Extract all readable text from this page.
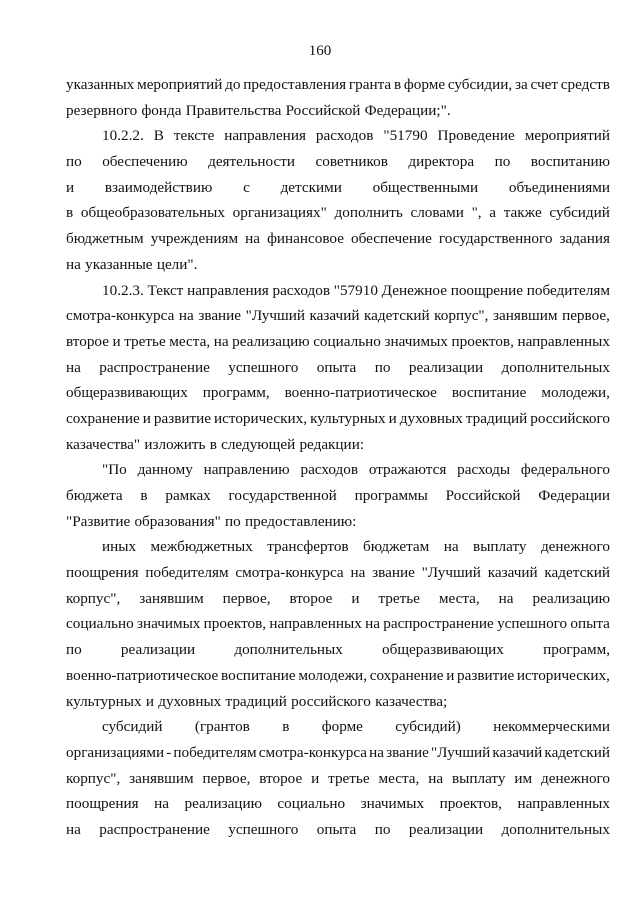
160
указанных мероприятий до предоставления гранта в форме субсидии, за счет средств
резервного фонда Правительства Российской Федерации;".
10.2.2. В тексте направления расходов "51790 Проведение мероприятий
по обеспечению деятельности советников директора по воспитанию
и взаимодействию с детскими общественными объединениями
в общеобразовательных организациях" дополнить словами ", а также субсидий
бюджетным учреждениям на финансовое обеспечение государственного задания
на указанные цели".
10.2.3. Текст направления расходов "57910 Денежное поощрение победителям
смотра-конкурса на звание "Лучший казачий кадетский корпус", занявшим первое,
второе и третье места, на реализацию социально значимых проектов, направленных
на распространение успешного опыта по реализации дополнительных
общеразвивающих программ, военно-патриотическое воспитание молодежи,
сохранение и развитие исторических, культурных и духовных традиций российского
казачества" изложить в следующей редакции:
"По данному направлению расходов отражаются расходы федерального
бюджета в рамках государственной программы Российской Федерации
"Развитие образования" по предоставлению:
иных межбюджетных трансфертов бюджетам на выплату денежного
поощрения победителям смотра-конкурса на звание "Лучший казачий кадетский
корпус", занявшим первое, второе и третье места, на реализацию
социально значимых проектов, направленных на распространение успешного опыта
по	реализации	дополнительных	общеразвивающих	программ,
военно-патриотическое воспитание молодежи, сохранение и развитие исторических,
культурных и духовных традиций российского казачества;
субсидий (грантов в форме субсидий) некоммерческими
организациями - победителям смотра-конкурса на звание "Лучший казачий кадетский
корпус", занявшим первое, второе и третье места, на выплату им денежного
поощрения на реализацию социально значимых проектов, направленных
на распространение успешного опыта по реализации дополнительных
